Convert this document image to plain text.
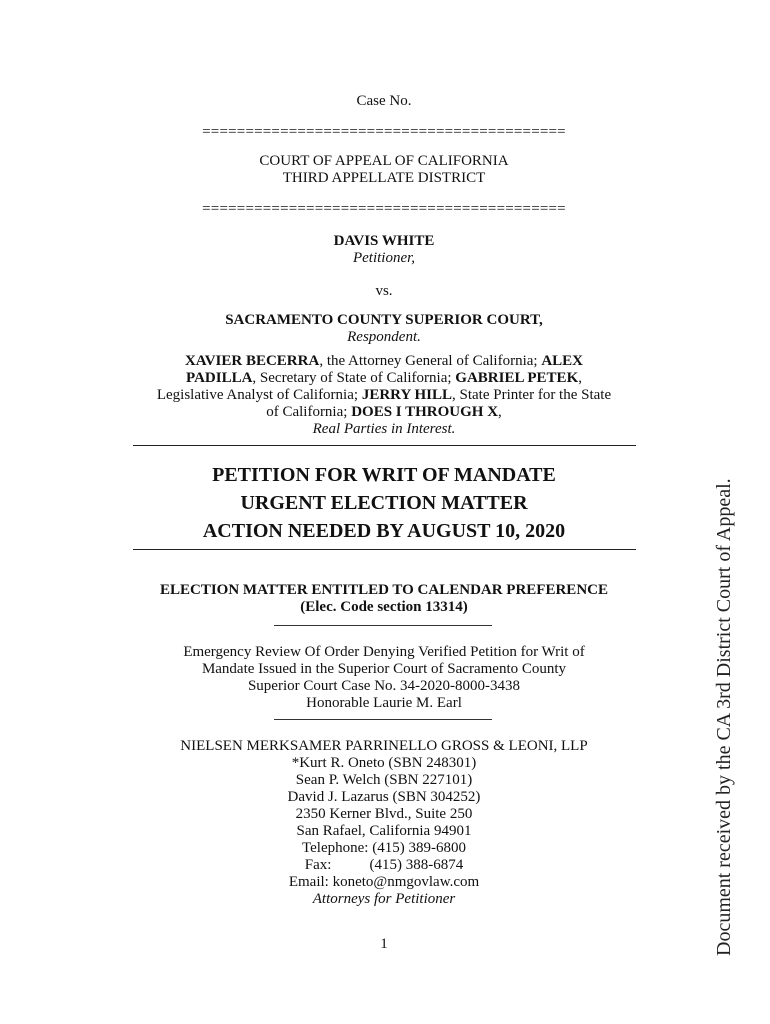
Case No.
==========================================
COURT OF APPEAL OF CALIFORNIA
THIRD APPELLATE DISTRICT
==========================================
DAVIS WHITE
Petitioner,
vs.
SACRAMENTO COUNTY SUPERIOR COURT,
Respondent.
XAVIER BECERRA, the Attorney General of California; ALEX
PADILLA, Secretary of State of California; GABRIEL PETEK,
Legislative Analyst of California; JERRY HILL, State Printer for the State
of California; DOES I THROUGH X,
Real Parties in Interest.
PETITION FOR WRIT OF MANDATE
URGENT ELECTION MATTER
ACTION NEEDED BY AUGUST 10, 2020
ELECTION MATTER ENTITLED TO CALENDAR PREFERENCE
(Elec. Code section 13314)
Emergency Review Of Order Denying Verified Petition for Writ of
Mandate Issued in the Superior Court of Sacramento County
Superior Court Case No. 34-2020-8000-3438
Honorable Laurie M. Earl
NIELSEN MERKSAMER PARRINELLO GROSS & LEONI, LLP
*Kurt R. Oneto (SBN 248301)
Sean P. Welch (SBN 227101)
David J. Lazarus (SBN 304252)
2350 Kerner Blvd., Suite 250
San Rafael, California 94901
Telephone: (415) 389-6800
Fax:	(415) 388-6874
Email: koneto@nmgovlaw.com
Attorneys for Petitioner
1	Document received by the CA 3rd District Court of Appeal.
